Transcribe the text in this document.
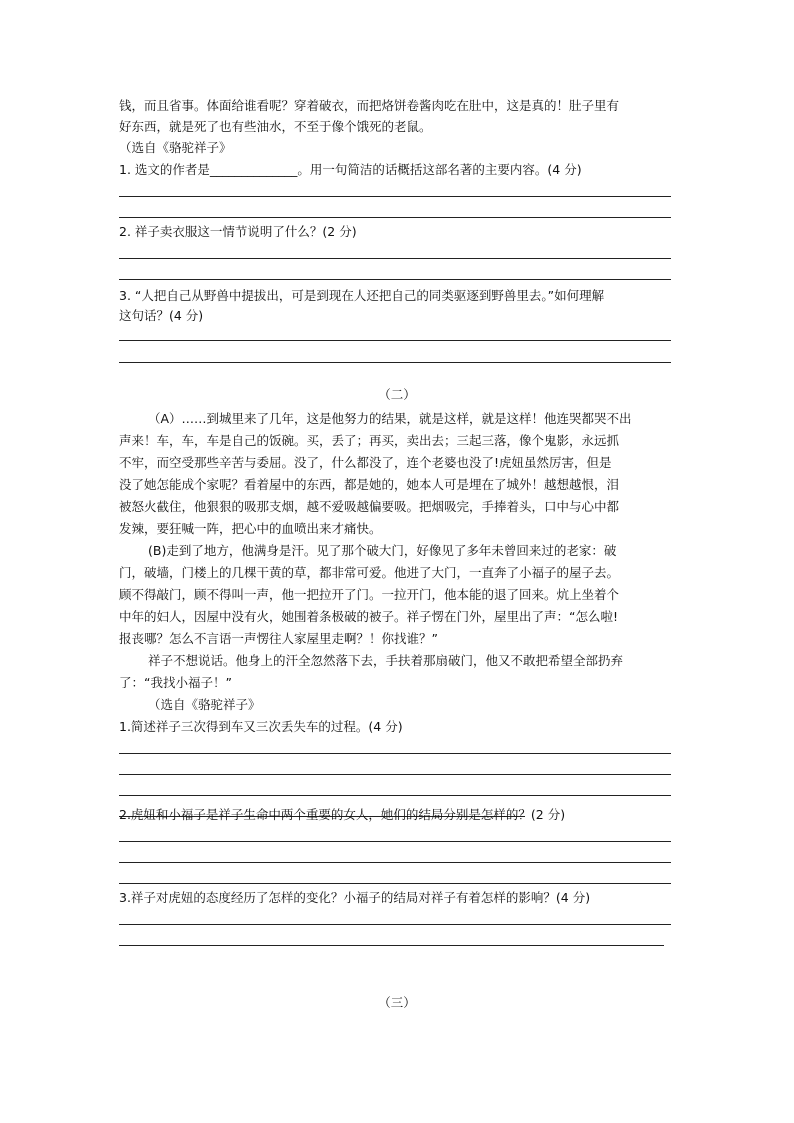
钱，而且省事。体面给谁看呢？穿着破衣，而把烙饼卷酱肉吃在肚中，这是真的！肚子里有
好东西，就是死了也有些油水，不至于像个饿死的老鼠。
（选自《骆驼祥子》
1. 选文的作者是______________。用一句简洁的话概括这部名著的主要内容。(4 分)
2. 祥子卖衣服这一情节说明了什么？(2 分)
3. “人把自己从野兽中提拔出，可是到现在人还把自己的同类驱逐到野兽里去。”如何理解
这句话？(4 分)
（二）
（A）……到城里来了几年，这是他努力的结果，就是这样，就是这样！他连哭都哭不出
声来！车，车，车是自己的饭碗。买，丢了；再买，卖出去；三起三落，像个鬼影，永远抓
不牢，而空受那些辛苦与委屈。没了，什么都没了，连个老婆也没了!虎妞虽然厉害，但是
没了她怎能成个家呢？看着屋中的东西，都是她的，她本人可是埋在了城外！越想越恨，泪
被怒火截住，他狠狠的吸那支烟，越不爱吸越偏要吸。把烟吸完，手捧着头，口中与心中都
发辣，要狂喊一阵，把心中的血喷出来才痛快。
(B)走到了地方，他满身是汗。见了那个破大门，好像见了多年未曾回来过的老家：破
门，破墙，门楼上的几棵干黄的草，都非常可爱。他进了大门，一直奔了小福子的屋子去。
顾不得敲门，顾不得叫一声，他一把拉开了门。一拉开门，他本能的退了回来。炕上坐着个
中年的妇人，因屋中没有火，她围着条极破的被子。祥子愣在门外，屋里出了声：“怎么啦!
报丧哪？怎么不言语一声愣往人家屋里走啊？！你找谁？”
祥子不想说话。他身上的汗全忽然落下去，手扶着那扇破门，他又不敢把希望全部扔弃
了：“我找小福子！”
（选自《骆驼祥子》
1.简述祥子三次得到车又三次丢失车的过程。(4 分)
2.虎妞和小福子是祥子生命中两个重要的女人，她们的结局分别是怎样的？(2 分)
3.祥子对虎妞的态度经历了怎样的变化？小福子的结局对祥子有着怎样的影响？(4 分)
（三）
